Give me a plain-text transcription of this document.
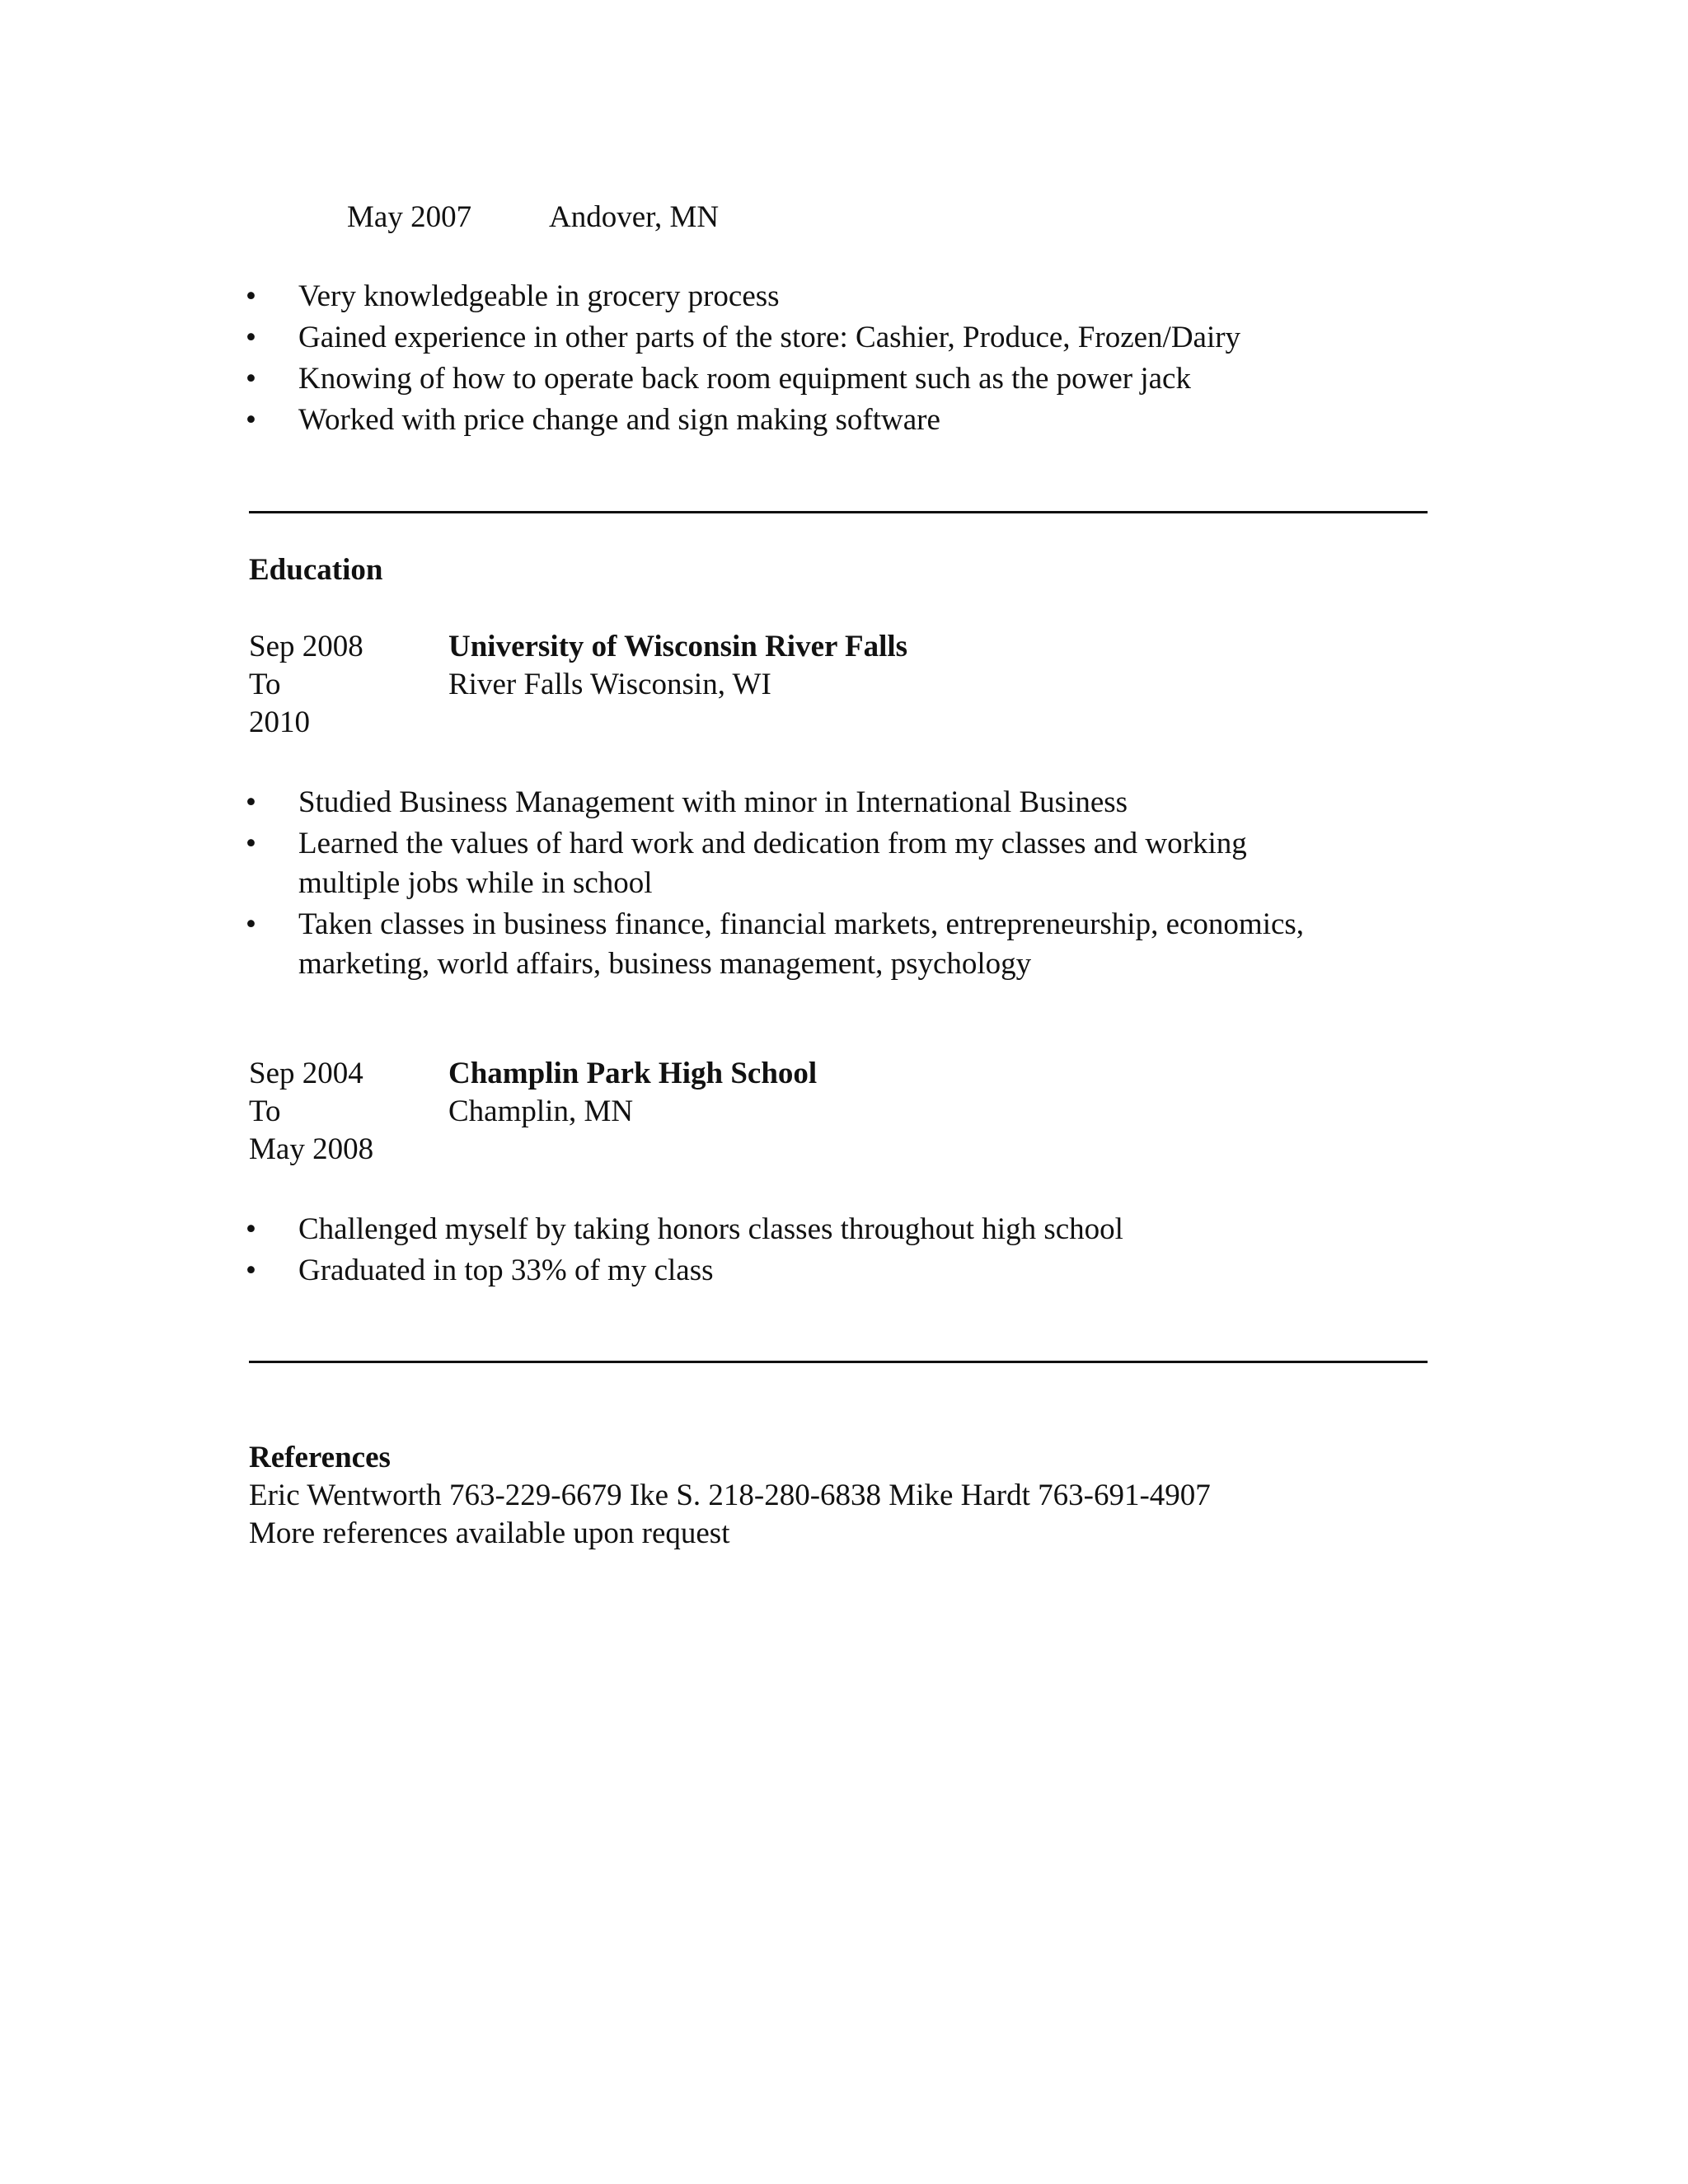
May 2007	Andover, MN
• Very knowledgeable in grocery process
• Gained experience in other parts of the store: Cashier, Produce, Frozen/Dairy
• Knowing of how to operate back room equipment such as the power jack
• Worked with price change and sign making software
Education
Sep 2008
To
2010
University of Wisconsin River Falls
River Falls Wisconsin, WI
• Studied Business Management with minor in International Business
• Learned the values of hard work and dedication from my classes and working
multiple jobs while in school
• Taken classes in business finance, financial markets, entrepreneurship, economics,
marketing, world affairs, business management, psychology
Sep 2004
To
May 2008
Champlin Park High School
Champlin, MN
• Challenged myself by taking honors classes throughout high school
• Graduated in top 33% of my class
References
Eric Wentworth 763-229-6679 Ike S. 218-280-6838 Mike Hardt 763-691-4907
More references available upon request
